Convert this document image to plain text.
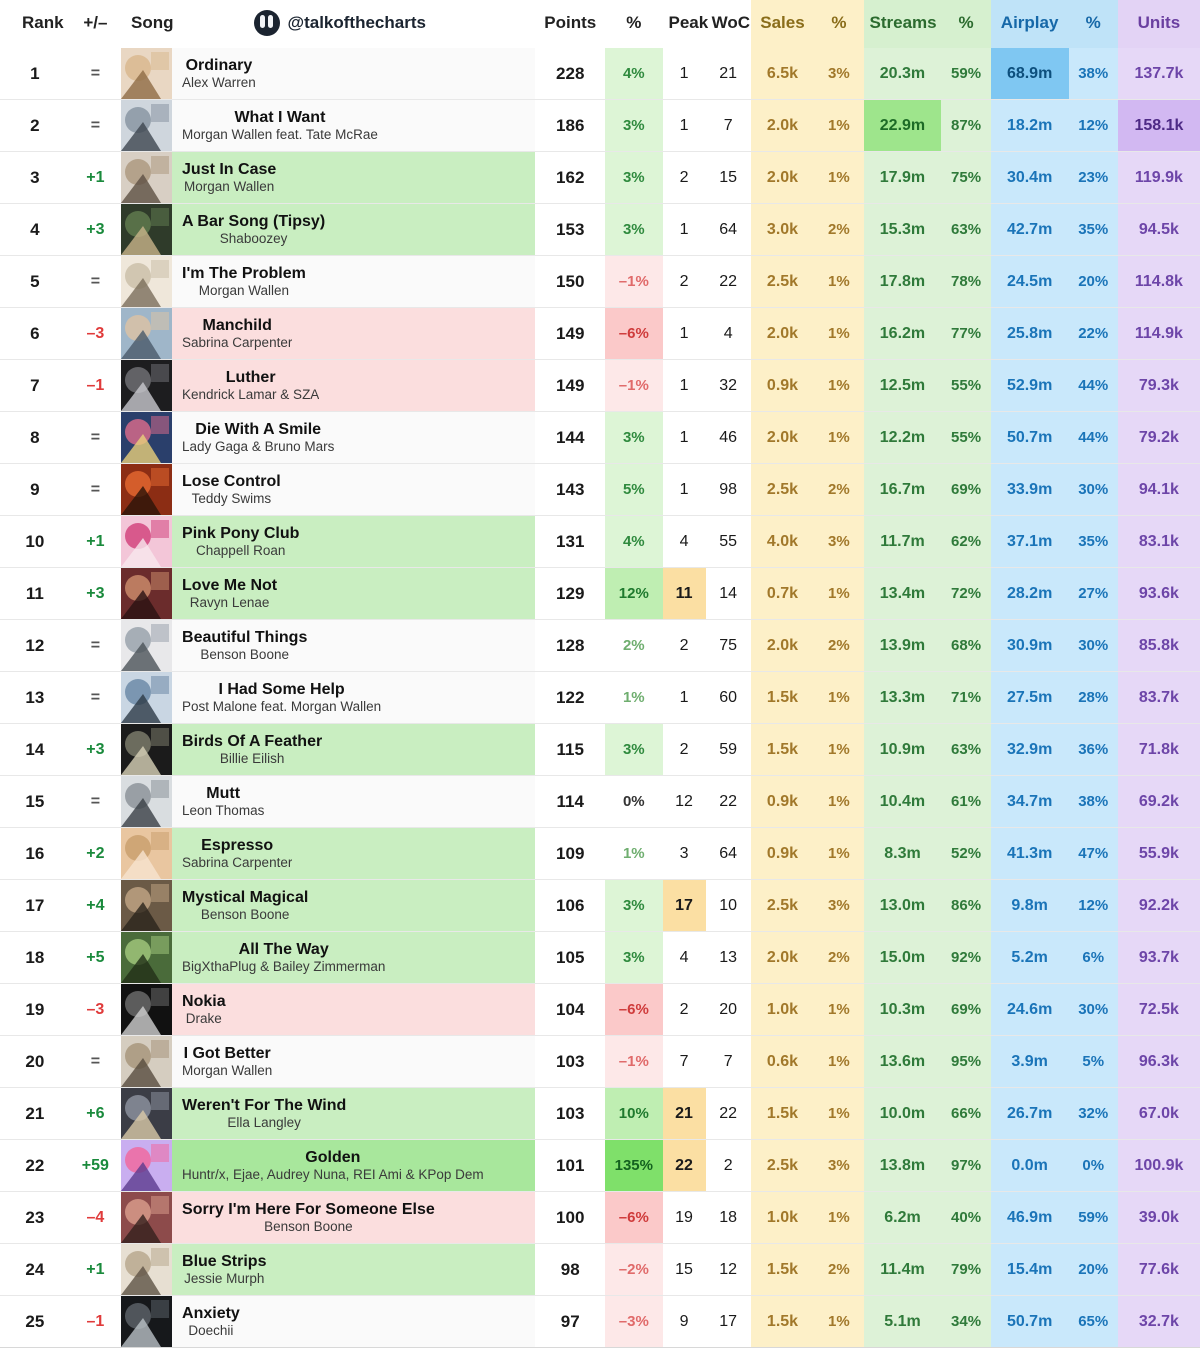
Rank	+/–	Song @talkofthecharts	Points	%	Peak	WoC	Sales	%	Streams	%	Airplay	%	Units
1	=	Ordinary
Alex Warren	228	4%	1	21	6.5k	3%	20.3m	59%	68.9m	38%	137.7k
2	=	What I Want
Morgan Wallen feat. Tate McRae	186	3%	1	7	2.0k	1%	22.9m	87%	18.2m	12%	158.1k
3	+1	Just In Case
Morgan Wallen	162	3%	2	15	2.0k	1%	17.9m	75%	30.4m	23%	119.9k
4	+3	A Bar Song (Tipsy)
Shaboozey	153	3%	1	64	3.0k	2%	15.3m	63%	42.7m	35%	94.5k
5	=	I'm The Problem
Morgan Wallen	150	–1%	2	22	2.5k	1%	17.8m	78%	24.5m	20%	114.8k
6	–3	Manchild
Sabrina Carpenter	149	–6%	1	4	2.0k	1%	16.2m	77%	25.8m	22%	114.9k
7	–1	Luther
Kendrick Lamar & SZA	149	–1%	1	32	0.9k	1%	12.5m	55%	52.9m	44%	79.3k
8	=	Die With A Smile
Lady Gaga & Bruno Mars	144	3%	1	46	2.0k	1%	12.2m	55%	50.7m	44%	79.2k
9	=	Lose Control
Teddy Swims	143	5%	1	98	2.5k	2%	16.7m	69%	33.9m	30%	94.1k
10	+1	Pink Pony Club
Chappell Roan	131	4%	4	55	4.0k	3%	11.7m	62%	37.1m	35%	83.1k
11	+3	Love Me Not
Ravyn Lenae	129	12%	11	14	0.7k	1%	13.4m	72%	28.2m	27%	93.6k
12	=	Beautiful Things
Benson Boone	128	2%	2	75	2.0k	2%	13.9m	68%	30.9m	30%	85.8k
13	=	I Had Some Help
Post Malone feat. Morgan Wallen	122	1%	1	60	1.5k	1%	13.3m	71%	27.5m	28%	83.7k
14	+3	Birds Of A Feather
Billie Eilish	115	3%	2	59	1.5k	1%	10.9m	63%	32.9m	36%	71.8k
15	=	Mutt
Leon Thomas	114	0%	12	22	0.9k	1%	10.4m	61%	34.7m	38%	69.2k
16	+2	Espresso
Sabrina Carpenter	109	1%	3	64	0.9k	1%	8.3m	52%	41.3m	47%	55.9k
17	+4	Mystical Magical
Benson Boone	106	3%	17	10	2.5k	3%	13.0m	86%	9.8m	12%	92.2k
18	+5	All The Way
BigXthaPlug & Bailey Zimmerman	105	3%	4	13	2.0k	2%	15.0m	92%	5.2m	6%	93.7k
19	–3	Nokia
Drake	104	–6%	2	20	1.0k	1%	10.3m	69%	24.6m	30%	72.5k
20	=	I Got Better
Morgan Wallen	103	–1%	7	7	0.6k	1%	13.6m	95%	3.9m	5%	96.3k
21	+6	Weren't For The Wind
Ella Langley	103	10%	21	22	1.5k	1%	10.0m	66%	26.7m	32%	67.0k
22	+59	Golden
Huntr/x, Ejae, Audrey Nuna, REI Ami & KPop Dem	101	135%	22	2	2.5k	3%	13.8m	97%	0.0m	0%	100.9k
23	–4	Sorry I'm Here For Someone Else
Benson Boone	100	–6%	19	18	1.0k	1%	6.2m	40%	46.9m	59%	39.0k
24	+1	Blue Strips
Jessie Murph	98	–2%	15	12	1.5k	2%	11.4m	79%	15.4m	20%	77.6k
25	–1	Anxiety
Doechii	97	–3%	9	17	1.5k	1%	5.1m	34%	50.7m	65%	32.7k
